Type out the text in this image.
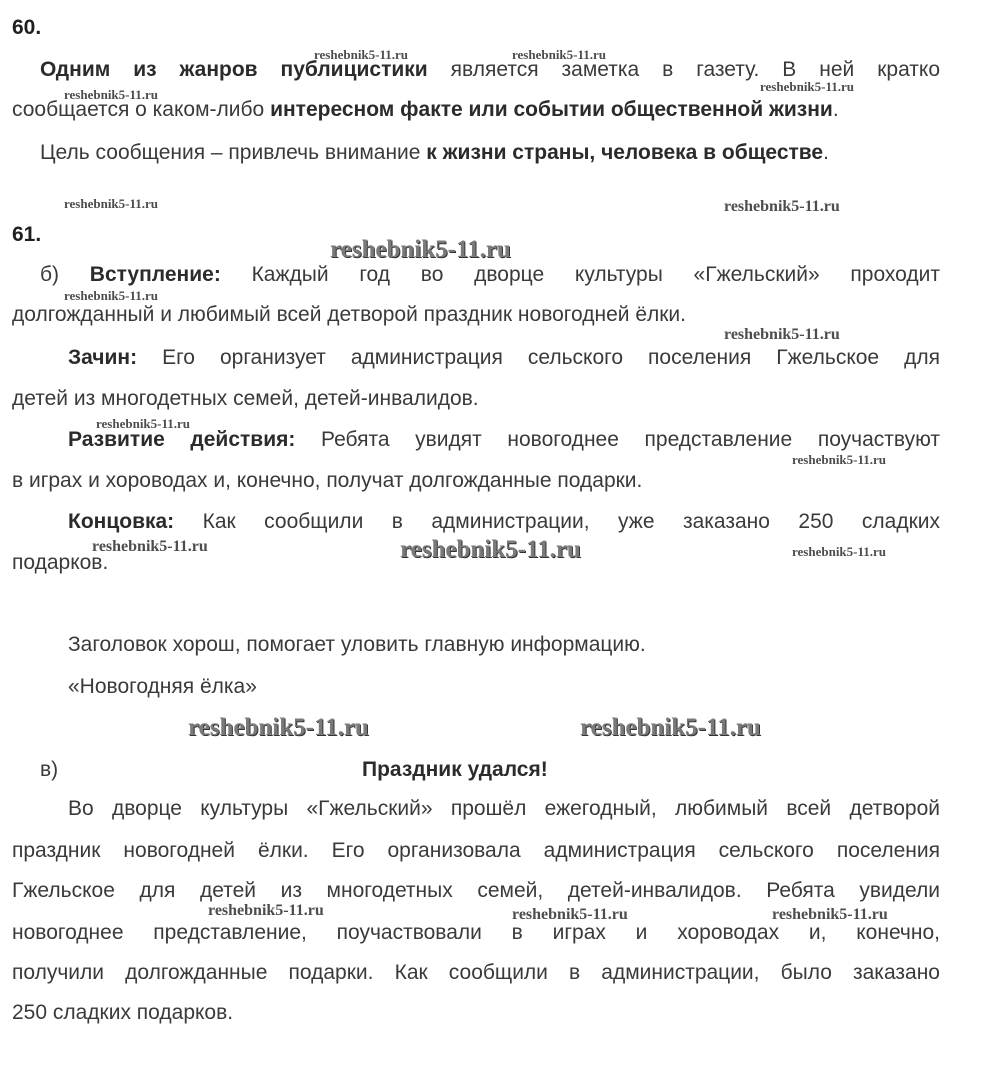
reshebnik5-11.ru	reshebnik5-11.ru
reshebnik5-11.ru
reshebnik5-11.ru
reshebnik5-11.ru	reshebnik5-11.ru
reshebnik5-11.ru
reshebnik5-11.ru
reshebnik5-11.ru
reshebnik5-11.ru
reshebnik5-11.ru
reshebnik5-11.ru	reshebnik5-11.ru	reshebnik5-11.ru
reshebnik5-11.ru	reshebnik5-11.ru
reshebnik5-11.ru	reshebnik5-11.ru	reshebnik5-11.ru
60.
Одним из жанров публицистики является заметка в газету. В ней кратко
сообщается о каком-либо интересном факте или событии общественной жизни.
Цель сообщения – привлечь внимание к жизни страны, человека в обществе.
61.
б) Вступление: Каждый год во дворце культуры «Гжельский» проходит
долгожданный и любимый всей детворой праздник новогодней ёлки.
Зачин: Его организует администрация сельского поселения Гжельское для
детей из многодетных семей, детей-инвалидов.
Развитие действия: Ребята увидят новогоднее представление поучаствуют
в играх и хороводах и, конечно, получат долгожданные подарки.
Концовка: Как сообщили в администрации, уже заказано 250 сладких
подарков.
Заголовок хорош, помогает уловить главную информацию.
«Новогодняя ёлка»
в)	Праздник удался!
Во дворце культуры «Гжельский» прошёл ежегодный, любимый всей детворой
праздник новогодней ёлки. Его организовала администрация сельского поселения
Гжельское для детей из многодетных семей, детей-инвалидов. Ребята увидели
новогоднее представление, поучаствовали в играх и хороводах и, конечно,
получили долгожданные подарки. Как сообщили в администрации, было заказано
250 сладких подарков.
